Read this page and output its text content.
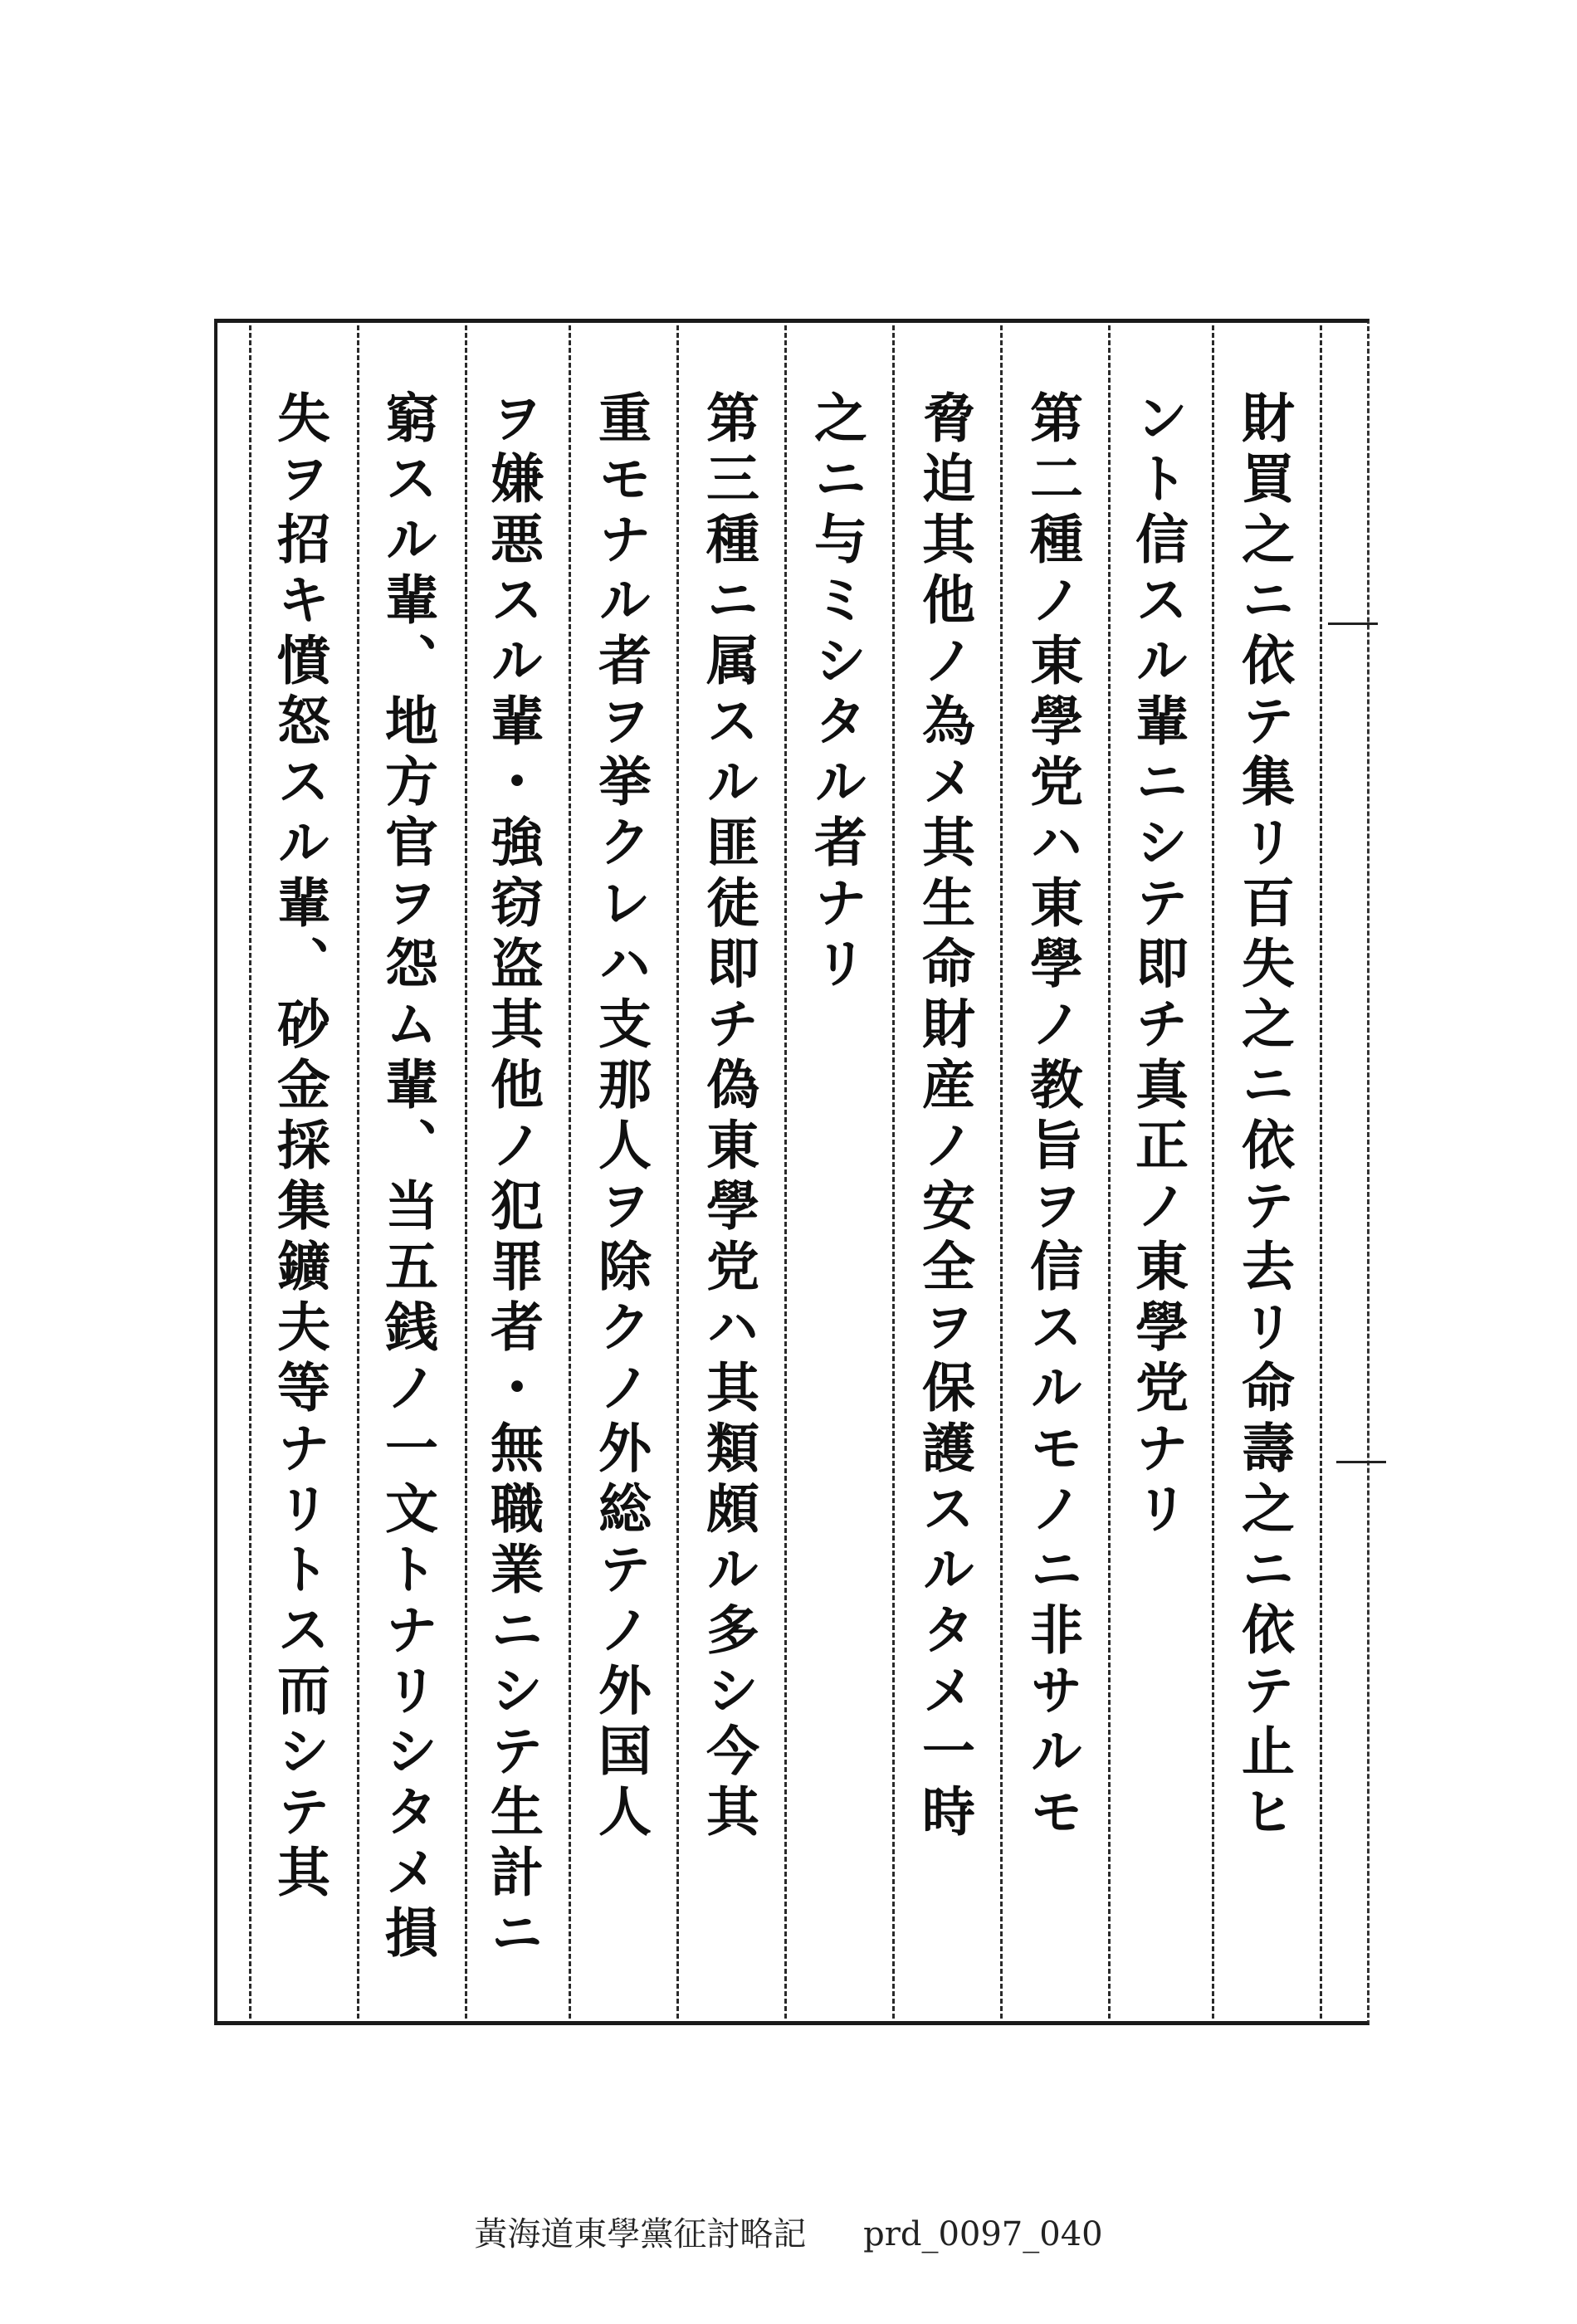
財買之ニ依テ集リ百失之ニ依テ去リ命壽之ニ依テ止ヒ
ント信スル輩ニシテ即チ真正ノ東學党ナリ
第二種ノ東學党ハ東學ノ教旨ヲ信スルモノニ非サルモ
脅迫其他ノ為メ其生命財産ノ安全ヲ保護スルタメ一時
之ニ与ミシタル者ナリ
第三種ニ属スル匪徒即チ偽東學党ハ其類頗ル多シ今其
重モナル者ヲ挙クレハ支那人ヲ除クノ外総テノ外国人
ヲ嫌悪スル輩・強窃盗其他ノ犯罪者・無職業ニシテ生計ニ
窮スル輩、地方官ヲ怨ム輩、当五銭ノ一文トナリシタメ損
失ヲ招キ憤怒スル輩、砂金採集鑛夫等ナリトス而シテ其
黃海道東學黨征討略記 prd_0097_040
